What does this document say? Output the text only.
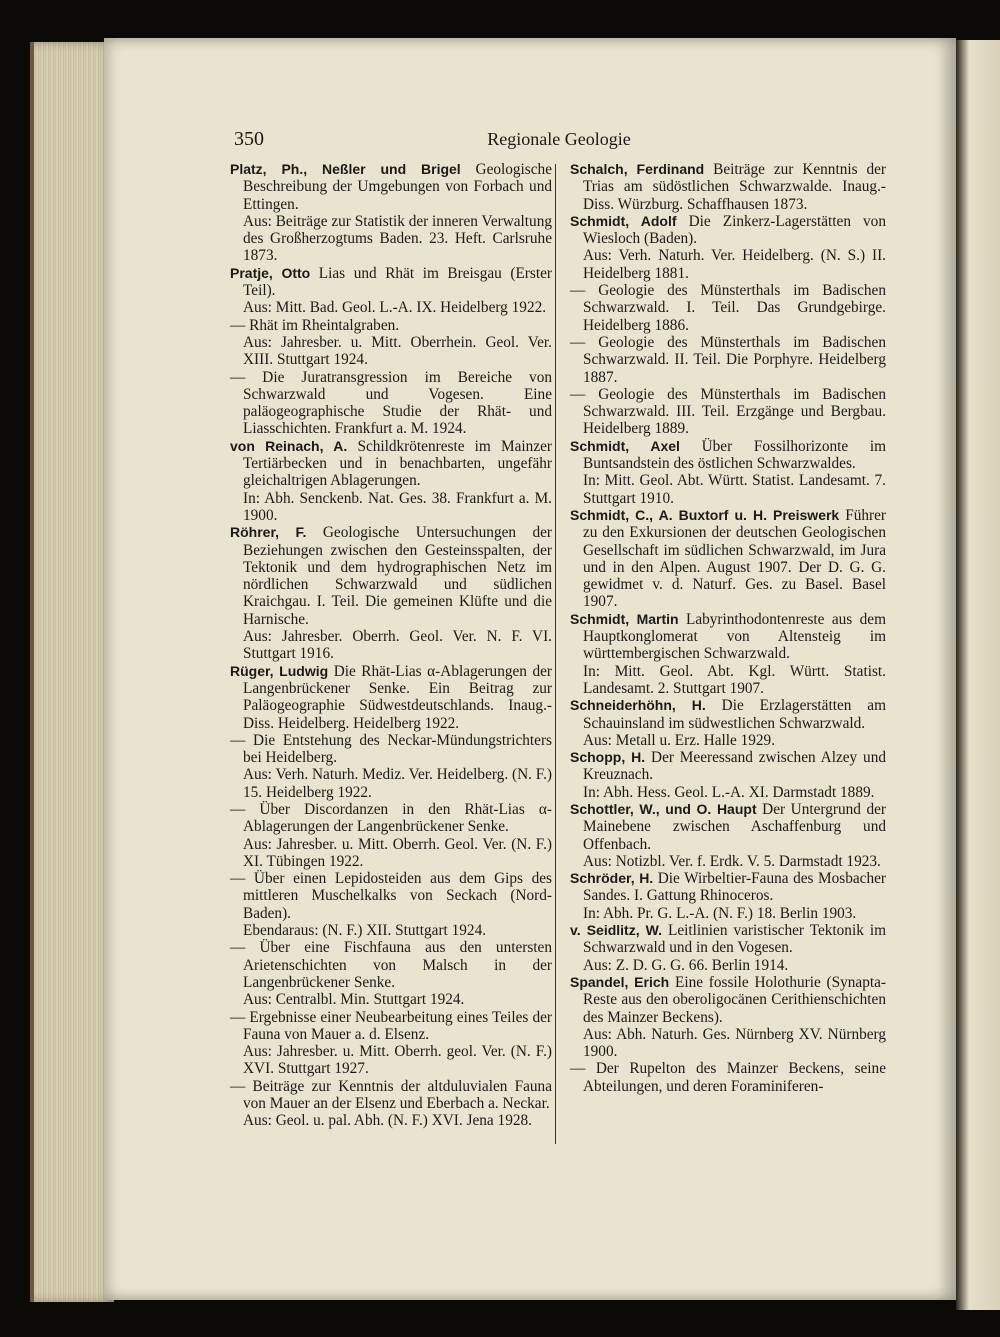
350	Regionale Geologie

Platz, Ph., Neßler und Brigel Geologische Beschreibung der Umgebungen von Forbach und Ettingen.

Aus: Beiträge zur Statistik der inneren Verwaltung des Großherzogtums Baden. 23. Heft. Carlsruhe 1873.

Pratje, Otto Lias und Rhät im Breisgau (Erster Teil).

Aus: Mitt. Bad. Geol. L.-A. IX. Heidelberg 1922.

— Rhät im Rheintalgraben.

Aus: Jahresber. u. Mitt. Oberrhein. Geol. Ver. XIII. Stuttgart 1924.

— Die Juratransgression im Bereiche von Schwarzwald und Vogesen. Eine paläogeographische Studie der Rhät- und Liasschichten. Frankfurt a. M. 1924.

von Reinach, A. Schildkrötenreste im Mainzer Tertiärbecken und in benachbarten, ungefähr gleichaltrigen Ablagerungen.

In: Abh. Senckenb. Nat. Ges. 38. Frankfurt a. M. 1900.

Röhrer, F. Geologische Untersuchungen der Beziehungen zwischen den Gesteinsspalten, der Tektonik und dem hydrographischen Netz im nördlichen Schwarzwald und südlichen Kraichgau. I. Teil. Die gemeinen Klüfte und die Harnische.

Aus: Jahresber. Oberrh. Geol. Ver. N. F. VI. Stuttgart 1916.

Rüger, Ludwig Die Rhät-Lias α-Ablagerungen der Langenbrückener Senke. Ein Beitrag zur Paläogeographie Südwestdeutschlands. Inaug.-Diss. Heidelberg. Heidelberg 1922.

— Die Entstehung des Neckar-Mündungstrichters bei Heidelberg.

Aus: Verh. Naturh. Mediz. Ver. Heidelberg. (N. F.) 15. Heidelberg 1922.

— Über Discordanzen in den Rhät-Lias α-Ablagerungen der Langenbrückener Senke.

Aus: Jahresber. u. Mitt. Oberrh. Geol. Ver. (N. F.) XI. Tübingen 1922.

— Über einen Lepidosteiden aus dem Gips des mittleren Muschelkalks von Seckach (Nord-Baden).

Ebendaraus: (N. F.) XII. Stuttgart 1924.

— Über eine Fischfauna aus den untersten Arietenschichten von Malsch in der Langenbrückener Senke.

Aus: Centralbl. Min. Stuttgart 1924.

— Ergebnisse einer Neubearbeitung eines Teiles der Fauna von Mauer a. d. Elsenz.

Aus: Jahresber. u. Mitt. Oberrh. geol. Ver. (N. F.) XVI. Stuttgart 1927.

— Beiträge zur Kenntnis der altduluvialen Fauna von Mauer an der Elsenz und Eberbach a. Neckar.

Aus: Geol. u. pal. Abh. (N. F.) XVI. Jena 1928.

Schalch, Ferdinand Beiträge zur Kenntnis der Trias am südöstlichen Schwarzwalde. Inaug.-Diss. Würzburg. Schaffhausen 1873.

Schmidt, Adolf Die Zinkerz-Lagerstätten von Wiesloch (Baden).

Aus: Verh. Naturh. Ver. Heidelberg. (N. S.) II. Heidelberg 1881.

— Geologie des Münsterthals im Badischen Schwarzwald. I. Teil. Das Grundgebirge. Heidelberg 1886.

— Geologie des Münsterthals im Badischen Schwarzwald. II. Teil. Die Porphyre. Heidelberg 1887.

— Geologie des Münsterthals im Badischen Schwarzwald. III. Teil. Erzgänge und Bergbau. Heidelberg 1889.

Schmidt, Axel Über Fossilhorizonte im Buntsandstein des östlichen Schwarzwaldes.

In: Mitt. Geol. Abt. Württ. Statist. Landesamt. 7. Stuttgart 1910.

Schmidt, C., A. Buxtorf u. H. Preiswerk Führer zu den Exkursionen der deutschen Geologischen Gesellschaft im südlichen Schwarzwald, im Jura und in den Alpen. August 1907. Der D. G. G. gewidmet v. d. Naturf. Ges. zu Basel. Basel 1907.

Schmidt, Martin Labyrinthodontenreste aus dem Hauptkonglomerat von Altensteig im württembergischen Schwarzwald.

In: Mitt. Geol. Abt. Kgl. Württ. Statist. Landesamt. 2. Stuttgart 1907.

Schneiderhöhn, H. Die Erzlagerstätten am Schauinsland im südwestlichen Schwarzwald.

Aus: Metall u. Erz. Halle 1929.

Schopp, H. Der Meeressand zwischen Alzey und Kreuznach.

In: Abh. Hess. Geol. L.-A. XI. Darmstadt 1889.

Schottler, W., und O. Haupt Der Untergrund der Mainebene zwischen Aschaffenburg und Offenbach.

Aus: Notizbl. Ver. f. Erdk. V. 5. Darmstadt 1923.

Schröder, H. Die Wirbeltier-Fauna des Mosbacher Sandes. I. Gattung Rhinoceros.

In: Abh. Pr. G. L.-A. (N. F.) 18. Berlin 1903.

v. Seidlitz, W. Leitlinien varistischer Tektonik im Schwarzwald und in den Vogesen.

Aus: Z. D. G. G. 66. Berlin 1914.

Spandel, Erich Eine fossile Holothurie (Synapta-Reste aus den oberoligocänen Cerithienschichten des Mainzer Beckens).

Aus: Abh. Naturh. Ges. Nürnberg XV. Nürnberg 1900.

— Der Rupelton des Mainzer Beckens, seine Abteilungen, und deren Foraminiferen-
